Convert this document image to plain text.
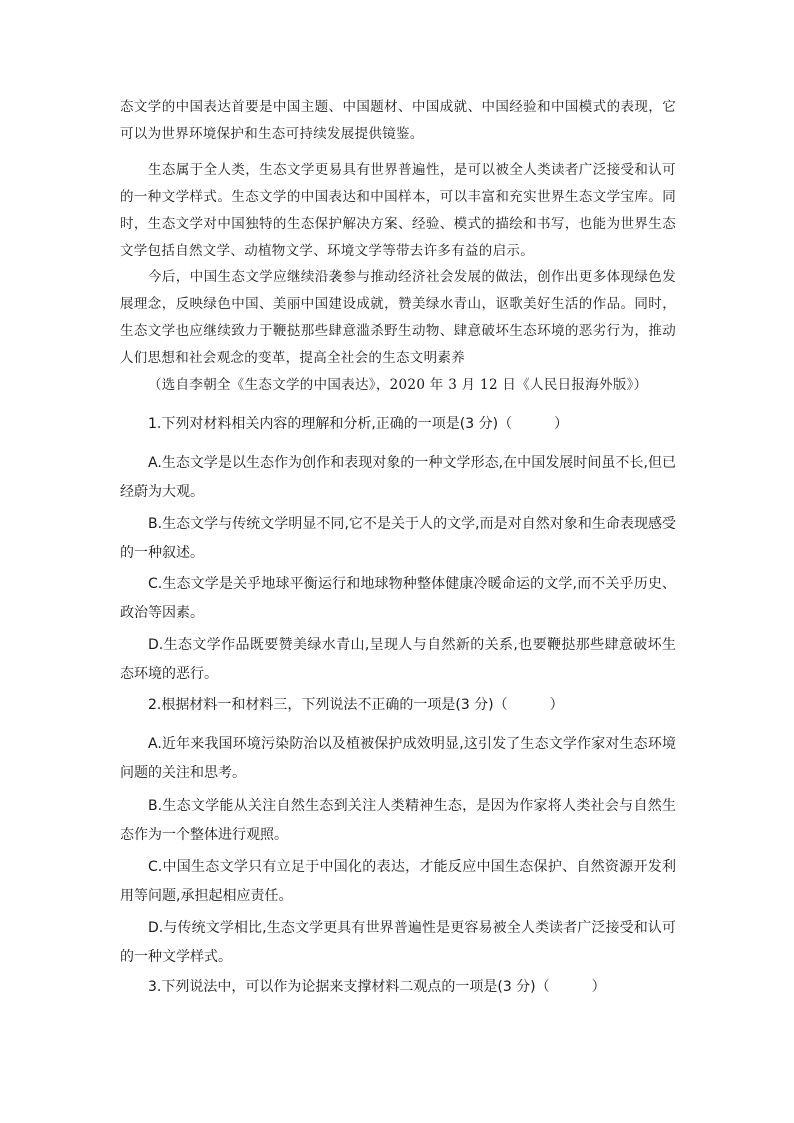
态文学的中国表达首要是中国主题、中国题材、中国成就、中国经验和中国模式的表现，它可以为世界环境保护和生态可持续发展提供镜鉴。

生态属于全人类，生态文学更易具有世界普遍性，是可以被全人类读者广泛接受和认可的一种文学样式。生态文学的中国表达和中国样本，可以丰富和充实世界生态文学宝库。同时，生态文学对中国独特的生态保护解决方案、经验、模式的描绘和书写，也能为世界生态文学包括自然文学、动植物文学、环境文学等带去许多有益的启示。

今后，中国生态文学应继续沿袭参与推动经济社会发展的做法，创作出更多体现绿色发展理念，反映绿色中国、美丽中国建设成就，赞美绿水青山，讴歌美好生活的作品。同时，生态文学也应继续致力于鞭挞那些肆意滥杀野生动物、肆意破坏生态环境的恶劣行为，推动人们思想和社会观念的变革，提高全社会的生态文明素养

（选自李朝全《生态文学的中国表达》，2020 年 3 月 12 日《人民日报海外版》）

1.下列对材料相关内容的理解和分析,正确的一项是(3 分)（　　　）

A.生态文学是以生态作为创作和表现对象的一种文学形态,在中国发展时间虽不长,但已经蔚为大观。

B.生态文学与传统文学明显不同,它不是关于人的文学,而是对自然对象和生命表现感受的一种叙述。

C.生态文学是关乎地球平衡运行和地球物种整体健康冷暖命运的文学,而不关乎历史、政治等因素。

D.生态文学作品既要赞美绿水青山,呈现人与自然新的关系,也要鞭挞那些肆意破坏生态环境的恶行。

2.根据材料一和材料三，下列说法不正确的一项是(3 分)（　　　）

A.近年来我国环境污染防治以及植被保护成效明显,这引发了生态文学作家对生态环境问题的关注和思考。

B.生态文学能从关注自然生态到关注人类精神生态，是因为作家将人类社会与自然生态作为一个整体进行观照。

C.中国生态文学只有立足于中国化的表达，才能反应中国生态保护、自然资源开发利用等问题,承担起相应责任。

D.与传统文学相比,生态文学更具有世界普遍性是更容易被全人类读者广泛接受和认可的一种文学样式。

3.下列说法中，可以作为论据来支撑材料二观点的一项是(3 分)（　　　）
